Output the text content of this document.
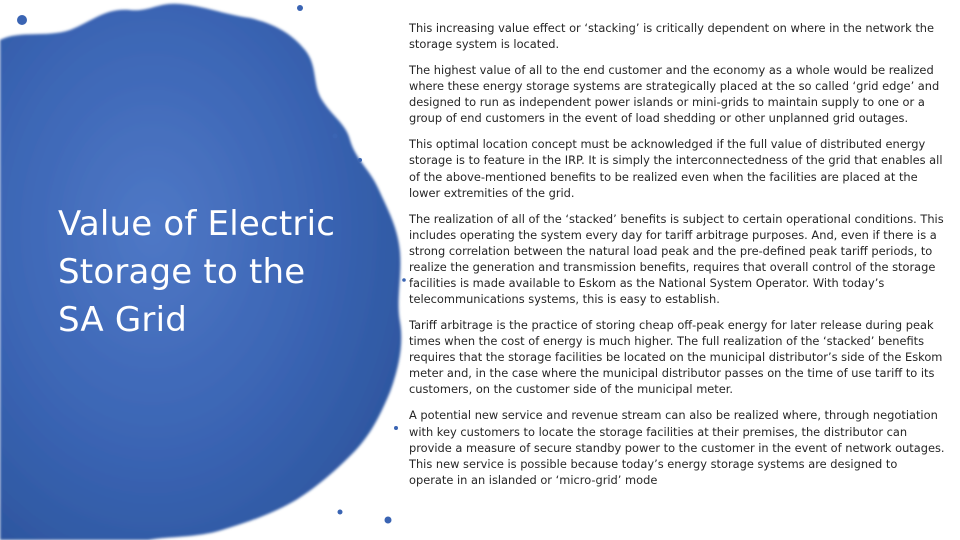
Value of Electric Storage to the SA Grid

This increasing value effect or ‘stacking’ is critically dependent on where in the network the storage system is located.

The highest value of all to the end customer and the economy as a whole would be realized where these energy storage systems are strategically placed at the so called ‘grid edge’ and designed to run as independent power islands or mini-grids to maintain supply to one or a group of end customers in the event of load shedding or other unplanned grid outages.

This optimal location concept must be acknowledged if the full value of distributed energy storage is to feature in the IRP. It is simply the interconnectedness of the grid that enables all of the above-mentioned benefits to be realized even when the facilities are placed at the lower extremities of the grid.

The realization of all of the ‘stacked’ benefits is subject to certain operational conditions. This includes operating the system every day for tariff arbitrage purposes. And, even if there is a strong correlation between the natural load peak and the pre-defined peak tariff periods, to realize the generation and transmission benefits, requires that overall control of the storage facilities is made available to Eskom as the National System Operator. With today’s telecommunications systems, this is easy to establish.

Tariff arbitrage is the practice of storing cheap off-peak energy for later release during peak times when the cost of energy is much higher. The full realization of the ‘stacked’ benefits requires that the storage facilities be located on the municipal distributor’s side of the Eskom meter and, in the case where the municipal distributor passes on the time of use tariff to its customers, on the customer side of the municipal meter.

A potential new service and revenue stream can also be realized where, through negotiation with key customers to locate the storage facilities at their premises, the distributor can provide a measure of secure standby power to the customer in the event of network outages. This new service is possible because today’s energy storage systems are designed to operate in an islanded or ‘micro-grid’ mode
